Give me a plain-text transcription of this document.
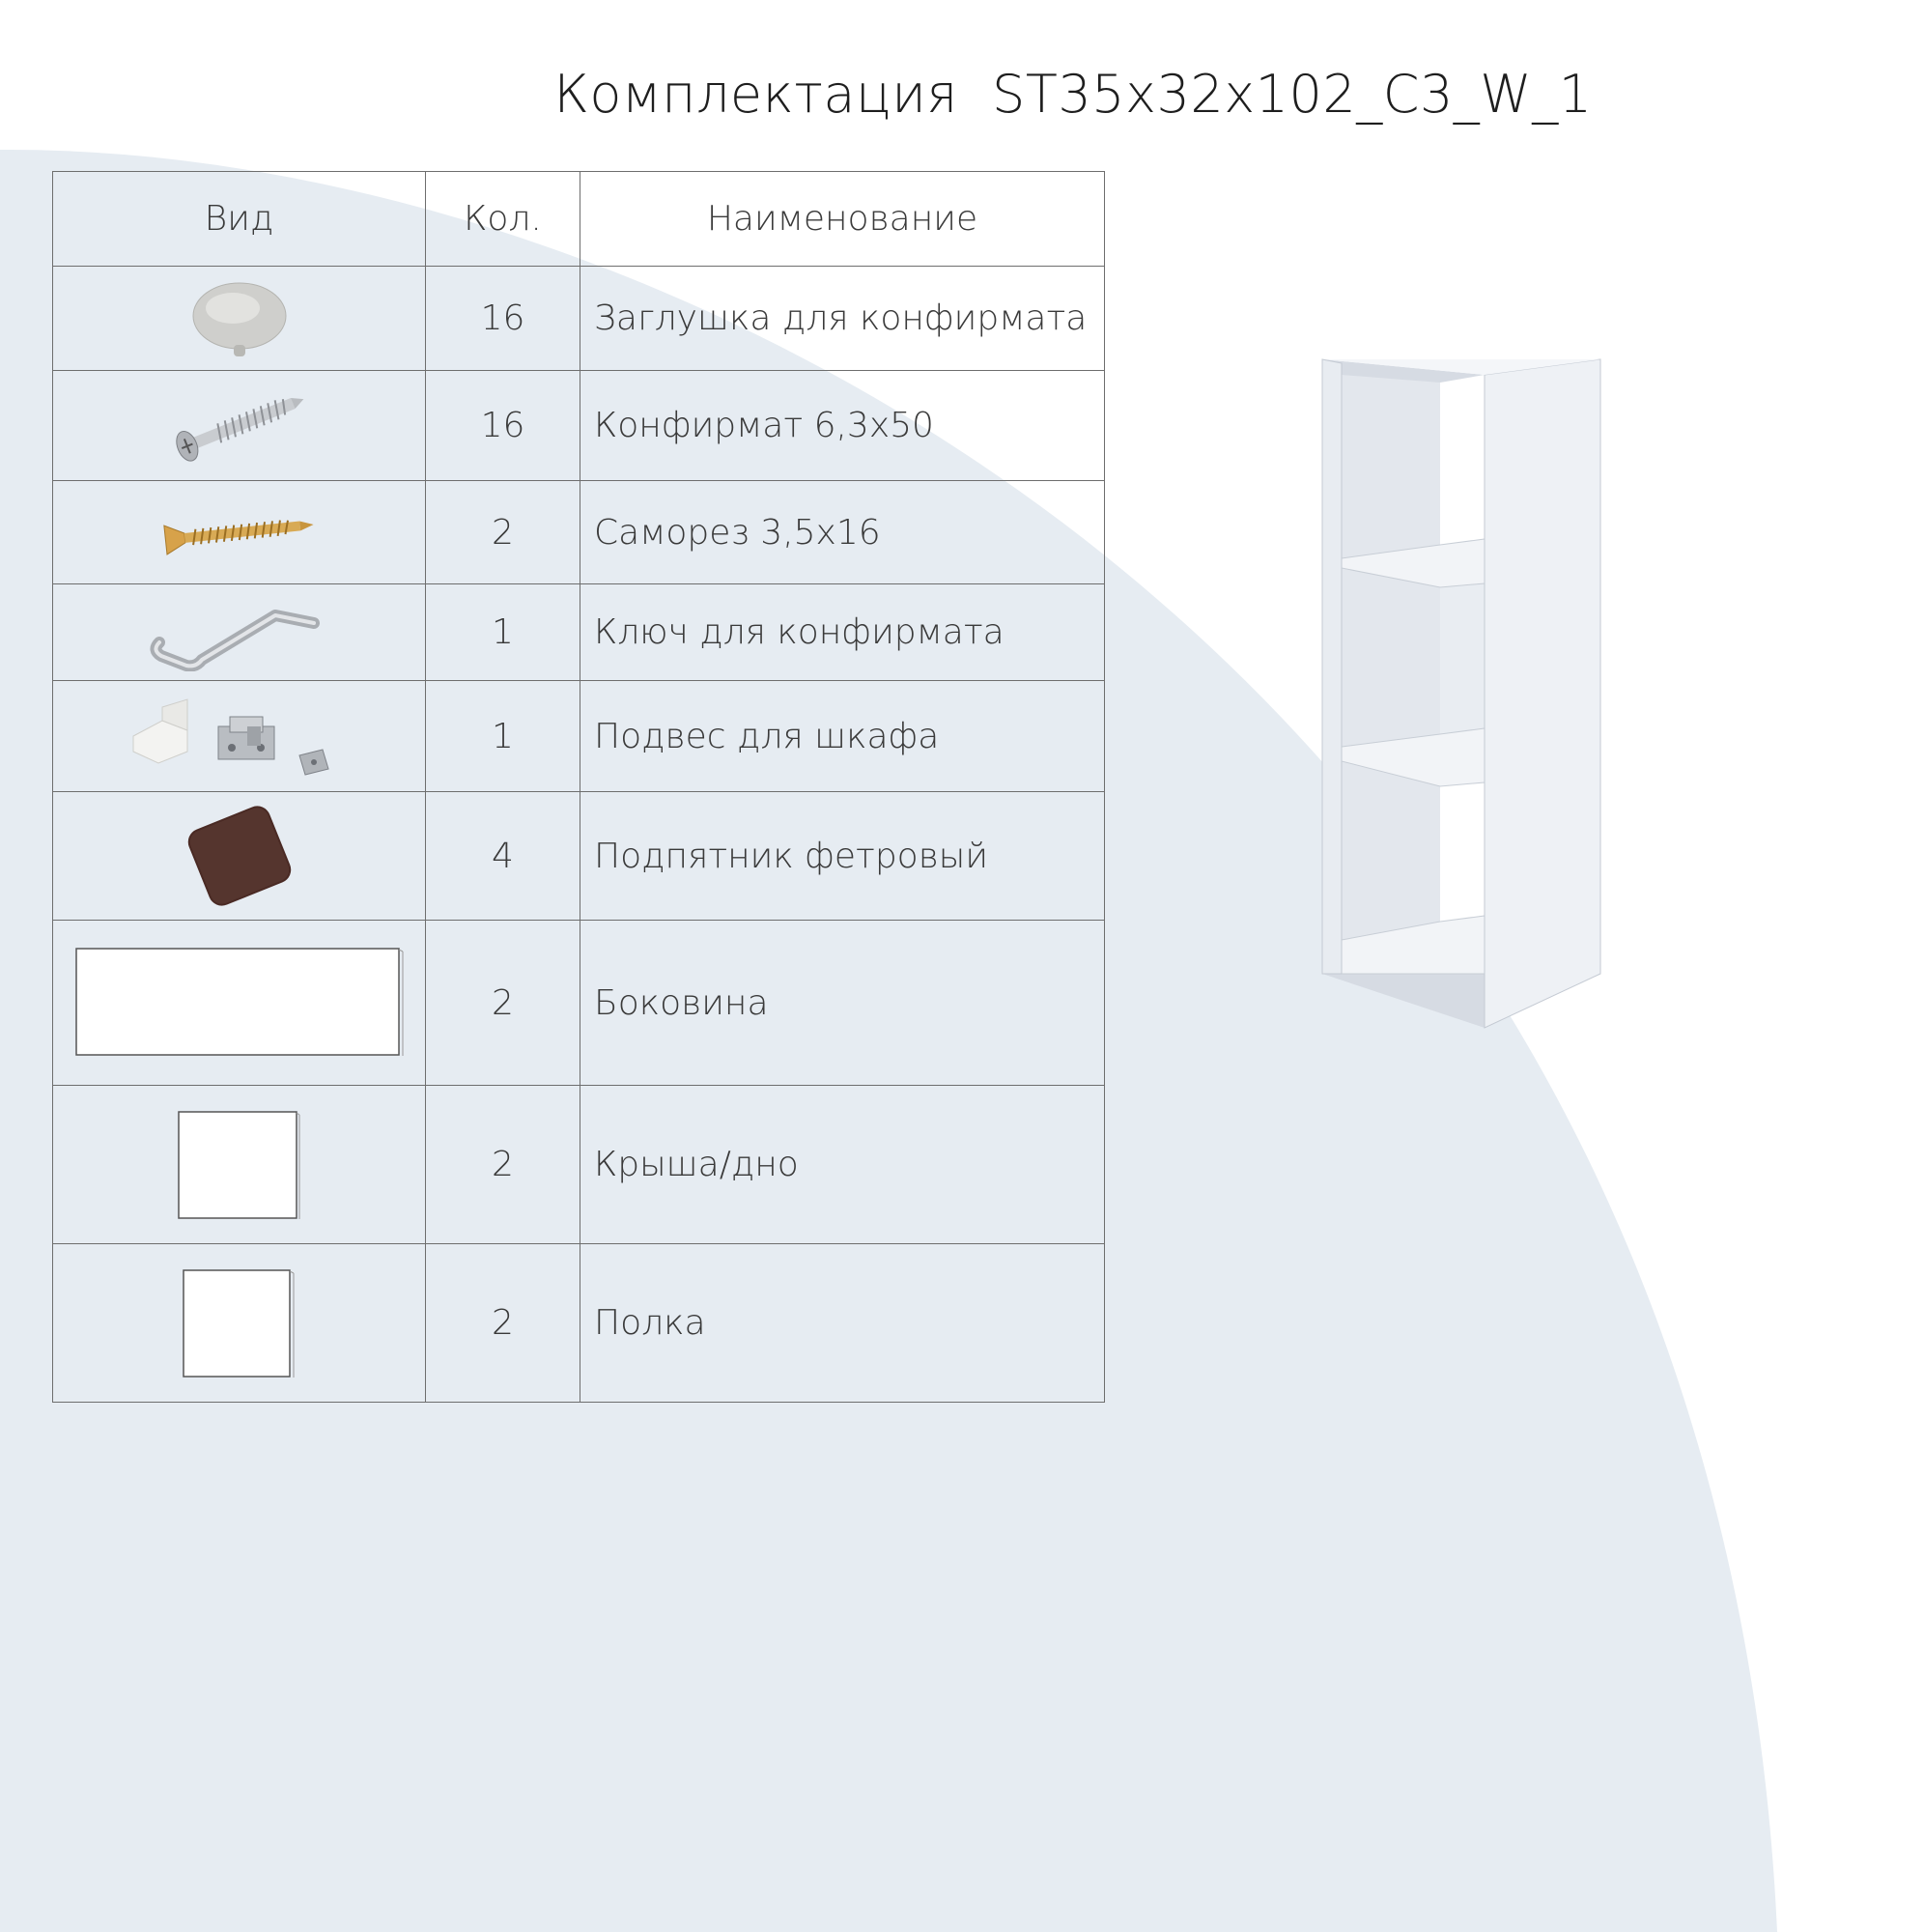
Комплектация  ST35x32x102_C3_W_1
Вид	Кол.	Наименование
	16	Заглушка для конфирмата
	16	Конфирмат 6,3х50
	2	Саморез 3,5х16
	1	Ключ для конфирмата
	1	Подвес для шкафа
	4	Подпятник фетровый
	2	Боковина
	2	Крыша/дно
	2	Полка
